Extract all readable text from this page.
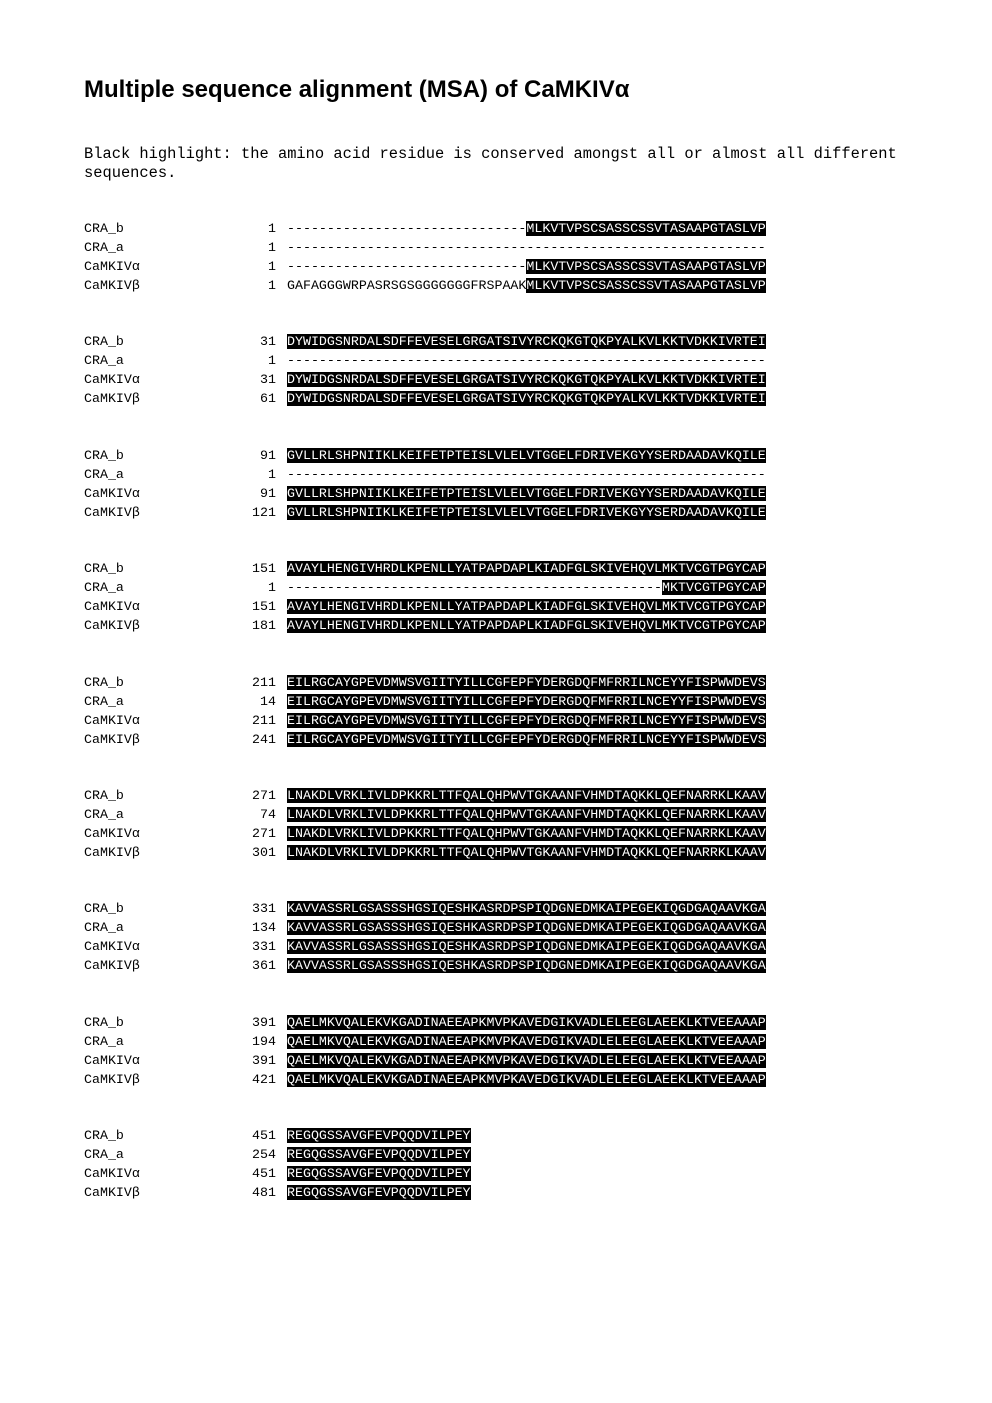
Multiple sequence alignment (MSA) of CaMKIVα
Black highlight: the amino acid residue is conserved amongst all or almost all different sequences.
CRA_b	1 ------------------------------MLKVTVPSCSASSCSSVTASAAPGTASLVP
CRA_a	1 ------------------------------------------------------------
CaMKIVα	1 ------------------------------MLKVTVPSCSASSCSSVTASAAPGTASLVP
CaMKIVβ	1 GAFAGGGWRPASRSGSGGGGGGGFRSPAAKMLKVTVPSCSASSCSSVTASAAPGTASLVP
CRA_b	31 DYWIDGSNRDALSDFFEVESELGRGATSIVYRCKQKGTQKPYALKVLKKTVDKKIVRTEI
CRA_a	1 ------------------------------------------------------------
CaMKIVα	31 DYWIDGSNRDALSDFFEVESELGRGATSIVYRCKQKGTQKPYALKVLKKTVDKKIVRTEI
CaMKIVβ	61 DYWIDGSNRDALSDFFEVESELGRGATSIVYRCKQKGTQKPYALKVLKKTVDKKIVRTEI
CRA_b	91 GVLLRLSHPNIIKLKEIFETPTEISLVLELVTGGELFDRIVEKGYYSERDAADAVKQILE
CRA_a	1 ------------------------------------------------------------
CaMKIVα	91 GVLLRLSHPNIIKLKEIFETPTEISLVLELVTGGELFDRIVEKGYYSERDAADAVKQILE
CaMKIVβ	121 GVLLRLSHPNIIKLKEIFETPTEISLVLELVTGGELFDRIVEKGYYSERDAADAVKQILE
CRA_b	151 AVAYLHENGIVHRDLKPENLLYATPAPDAPLKIADFGLSKIVEHQVLMKTVCGTPGYCAP
CRA_a	1 -----------------------------------------------MKTVCGTPGYCAP
CaMKIVα	151 AVAYLHENGIVHRDLKPENLLYATPAPDAPLKIADFGLSKIVEHQVLMKTVCGTPGYCAP
CaMKIVβ	181 AVAYLHENGIVHRDLKPENLLYATPAPDAPLKIADFGLSKIVEHQVLMKTVCGTPGYCAP
CRA_b	211 EILRGCAYGPEVDMWSVGIITYILLCGFEPFYDERGDQFMFRRILNCEYYFISPWWDEVS
CRA_a	14 EILRGCAYGPEVDMWSVGIITYILLCGFEPFYDERGDQFMFRRILNCEYYFISPWWDEVS
CaMKIVα	211 EILRGCAYGPEVDMWSVGIITYILLCGFEPFYDERGDQFMFRRILNCEYYFISPWWDEVS
CaMKIVβ	241 EILRGCAYGPEVDMWSVGIITYILLCGFEPFYDERGDQFMFRRILNCEYYFISPWWDEVS
CRA_b	271 LNAKDLVRKLIVLDPKKRLTTFQALQHPWVTGKAANFVHMDTAQKKLQEFNARRKLKAAV
CRA_a	74 LNAKDLVRKLIVLDPKKRLTTFQALQHPWVTGKAANFVHMDTAQKKLQEFNARRKLKAAV
CaMKIVα	271 LNAKDLVRKLIVLDPKKRLTTFQALQHPWVTGKAANFVHMDTAQKKLQEFNARRKLKAAV
CaMKIVβ	301 LNAKDLVRKLIVLDPKKRLTTFQALQHPWVTGKAANFVHMDTAQKKLQEFNARRKLKAAV
CRA_b	331 KAVVASSRLGSASSSHGSIQESHKASRDPSPIQDGNEDMKAIPEGEKIQGDGAQAAVKGA
CRA_a	134 KAVVASSRLGSASSSHGSIQESHKASRDPSPIQDGNEDMKAIPEGEKIQGDGAQAAVKGA
CaMKIVα	331 KAVVASSRLGSASSSHGSIQESHKASRDPSPIQDGNEDMKAIPEGEKIQGDGAQAAVKGA
CaMKIVβ	361 KAVVASSRLGSASSSHGSIQESHKASRDPSPIQDGNEDMKAIPEGEKIQGDGAQAAVKGA
CRA_b	391 QAELMKVQALEKVKGADINAEEAPKMVPKAVEDGIKVADLELEEGLAEEKLKTVEEAAAP
CRA_a	194 QAELMKVQALEKVKGADINAEEAPKMVPKAVEDGIKVADLELEEGLAEEKLKTVEEAAAP
CaMKIVα	391 QAELMKVQALEKVKGADINAEEAPKMVPKAVEDGIKVADLELEEGLAEEKLKTVEEAAAP
CaMKIVβ	421 QAELMKVQALEKVKGADINAEEAPKMVPKAVEDGIKVADLELEEGLAEEKLKTVEEAAAP
CRA_b	451 REGQGSSAVGFEVPQQDVILPEY
CRA_a	254 REGQGSSAVGFEVPQQDVILPEY
CaMKIVα	451 REGQGSSAVGFEVPQQDVILPEY
CaMKIVβ	481 REGQGSSAVGFEVPQQDVILPEY
